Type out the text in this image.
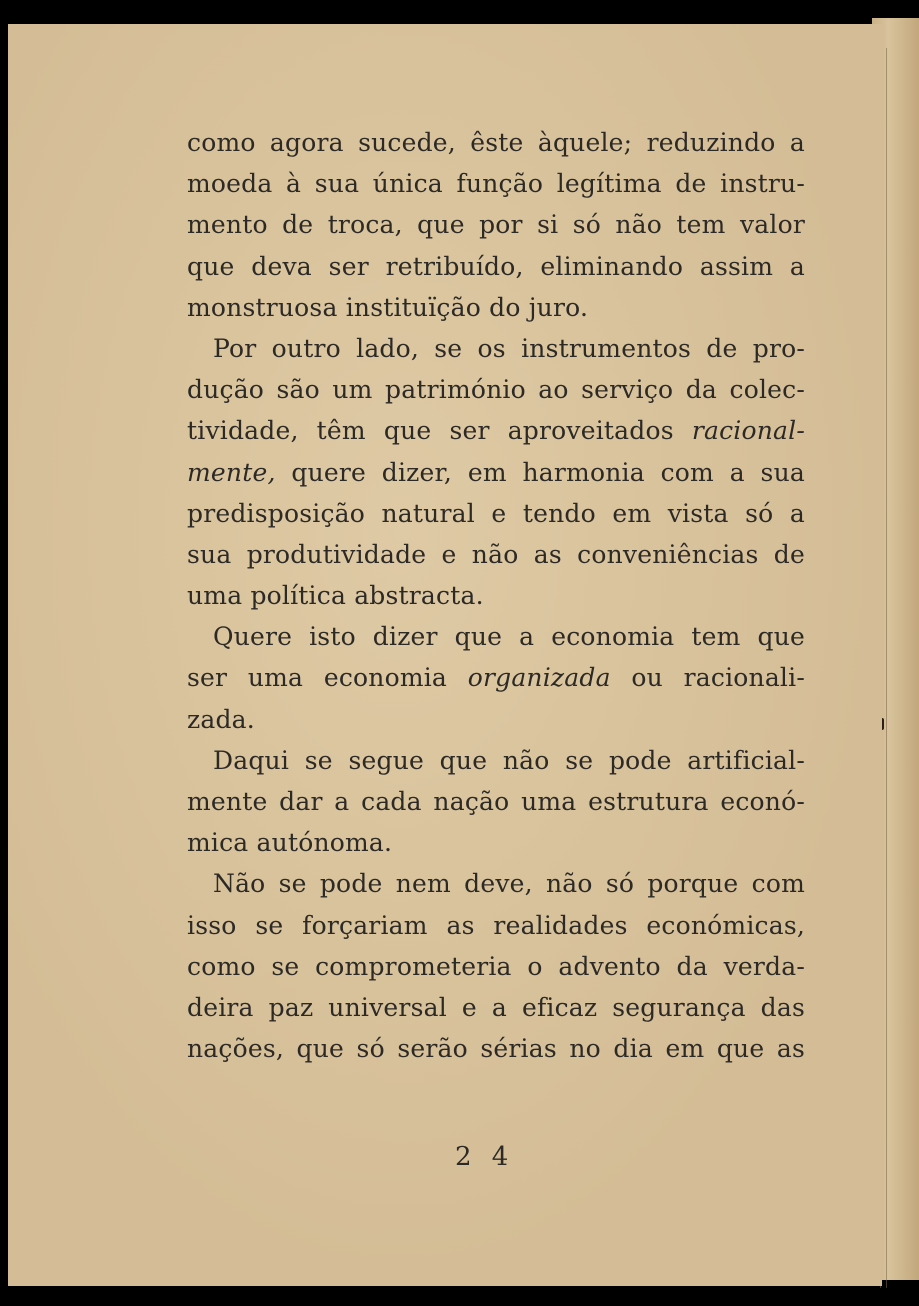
como agora sucede, êste àquele; reduzindo a
moeda à sua única função legítima de instru-
mento de troca, que por si só não tem valor
que deva ser retribuído, eliminando assim a
monstruosa instituïção do juro.
Por outro lado, se os instrumentos de pro-
dução são um património ao serviço da colec-
tividade, têm que ser aproveitados racional-
mente, quere dizer, em harmonia com a sua
predisposição natural e tendo em vista só a
sua produtividade e não as conveniências de
uma política abstracta.
Quere isto dizer que a economia tem que
ser uma economia organizada ou racionali-
zada.
Daqui se segue que não se pode artificial-
mente dar a cada nação uma estrutura econó-
mica autónoma.
Não se pode nem deve, não só porque com
isso se forçariam as realidades económicas,
como se comprometeria o advento da verda-
deira paz universal e a eficaz segurança das
nações, que só serão sérias no dia em que as
2 4
